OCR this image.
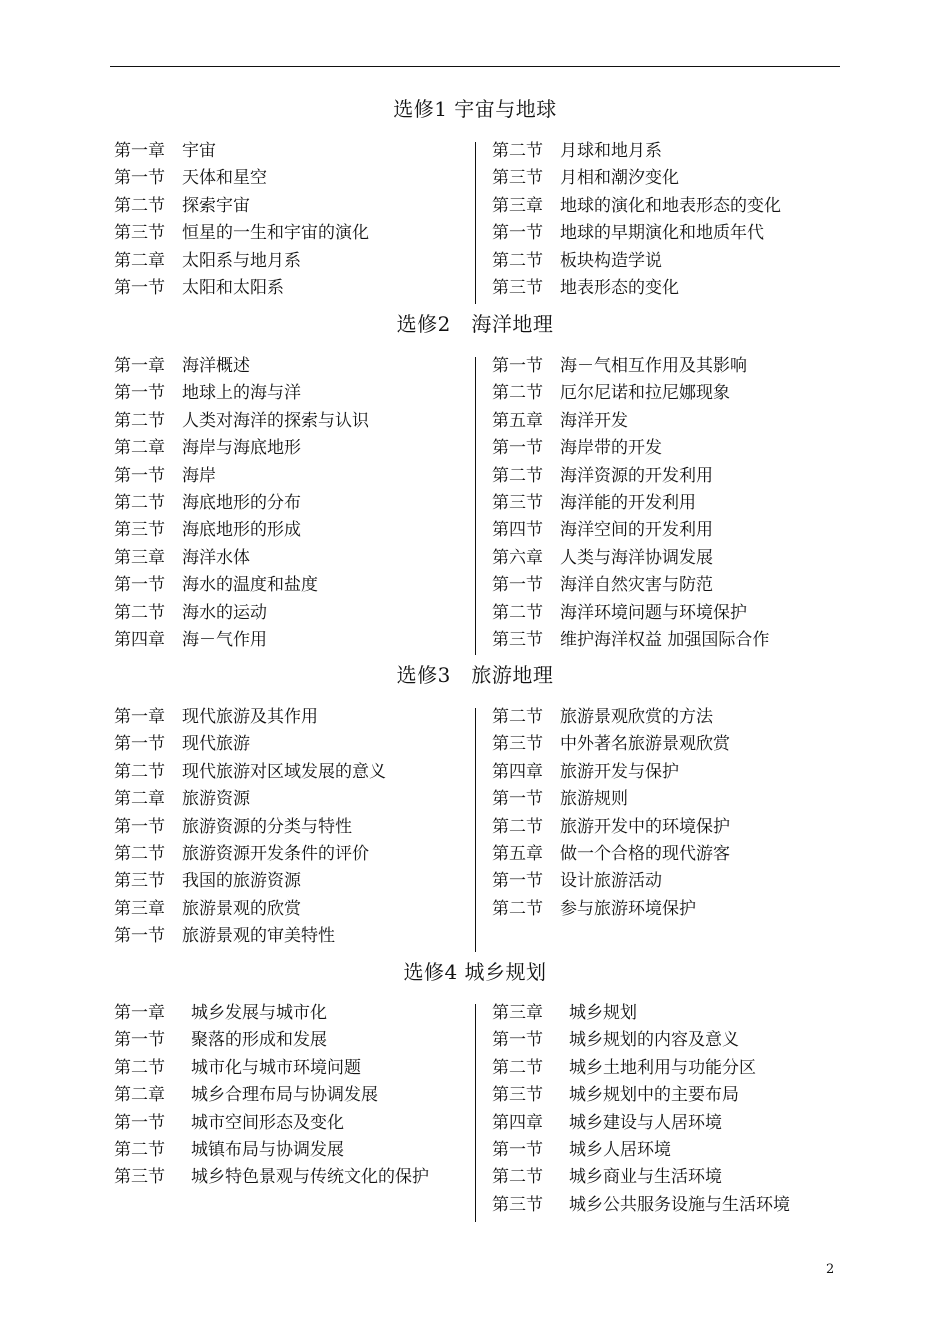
选修1 宇宙与地球
第一章 宇宙
第一节 天体和星空
第二节 探索宇宙
第三节 恒星的一生和宇宙的演化
第二章 太阳系与地月系
第一节 太阳和太阳系
第二节 月球和地月系
第三节 月相和潮汐变化
第三章 地球的演化和地表形态的变化
第一节 地球的早期演化和地质年代
第二节 板块构造学说
第三节 地表形态的变化
选修2　海洋地理
第一章 海洋概述
第一节 地球上的海与洋
第二节 人类对海洋的探索与认识
第二章 海岸与海底地形
第一节 海岸
第二节 海底地形的分布
第三节 海底地形的形成
第三章 海洋水体
第一节 海水的温度和盐度
第二节 海水的运动
第四章 海－气作用
第一节 海－气相互作用及其影响
第二节 厄尔尼诺和拉尼娜现象
第五章 海洋开发
第一节 海岸带的开发
第二节 海洋资源的开发利用
第三节 海洋能的开发利用
第四节 海洋空间的开发利用
第六章 人类与海洋协调发展
第一节 海洋自然灾害与防范
第二节 海洋环境问题与环境保护
第三节 维护海洋权益 加强国际合作
选修3　旅游地理
第一章 现代旅游及其作用
第一节 现代旅游
第二节 现代旅游对区域发展的意义
第二章 旅游资源
第一节 旅游资源的分类与特性
第二节 旅游资源开发条件的评价
第三节 我国的旅游资源
第三章 旅游景观的欣赏
第一节 旅游景观的审美特性
第二节 旅游景观欣赏的方法
第三节 中外著名旅游景观欣赏
第四章 旅游开发与保护
第一节 旅游规则
第二节 旅游开发中的环境保护
第五章 做一个合格的现代游客
第一节 设计旅游活动
第二节 参与旅游环境保护
选修4 城乡规划
第一章 城乡发展与城市化
第一节 聚落的形成和发展
第二节 城市化与城市环境问题
第二章 城乡合理布局与协调发展
第一节 城市空间形态及变化
第二节 城镇布局与协调发展
第三节 城乡特色景观与传统文化的保护
第三章 城乡规划
第一节 城乡规划的内容及意义
第二节 城乡土地利用与功能分区
第三节 城乡规划中的主要布局
第四章 城乡建设与人居环境
第一节 城乡人居环境
第二节 城乡商业与生活环境
第三节 城乡公共服务设施与生活环境
2
